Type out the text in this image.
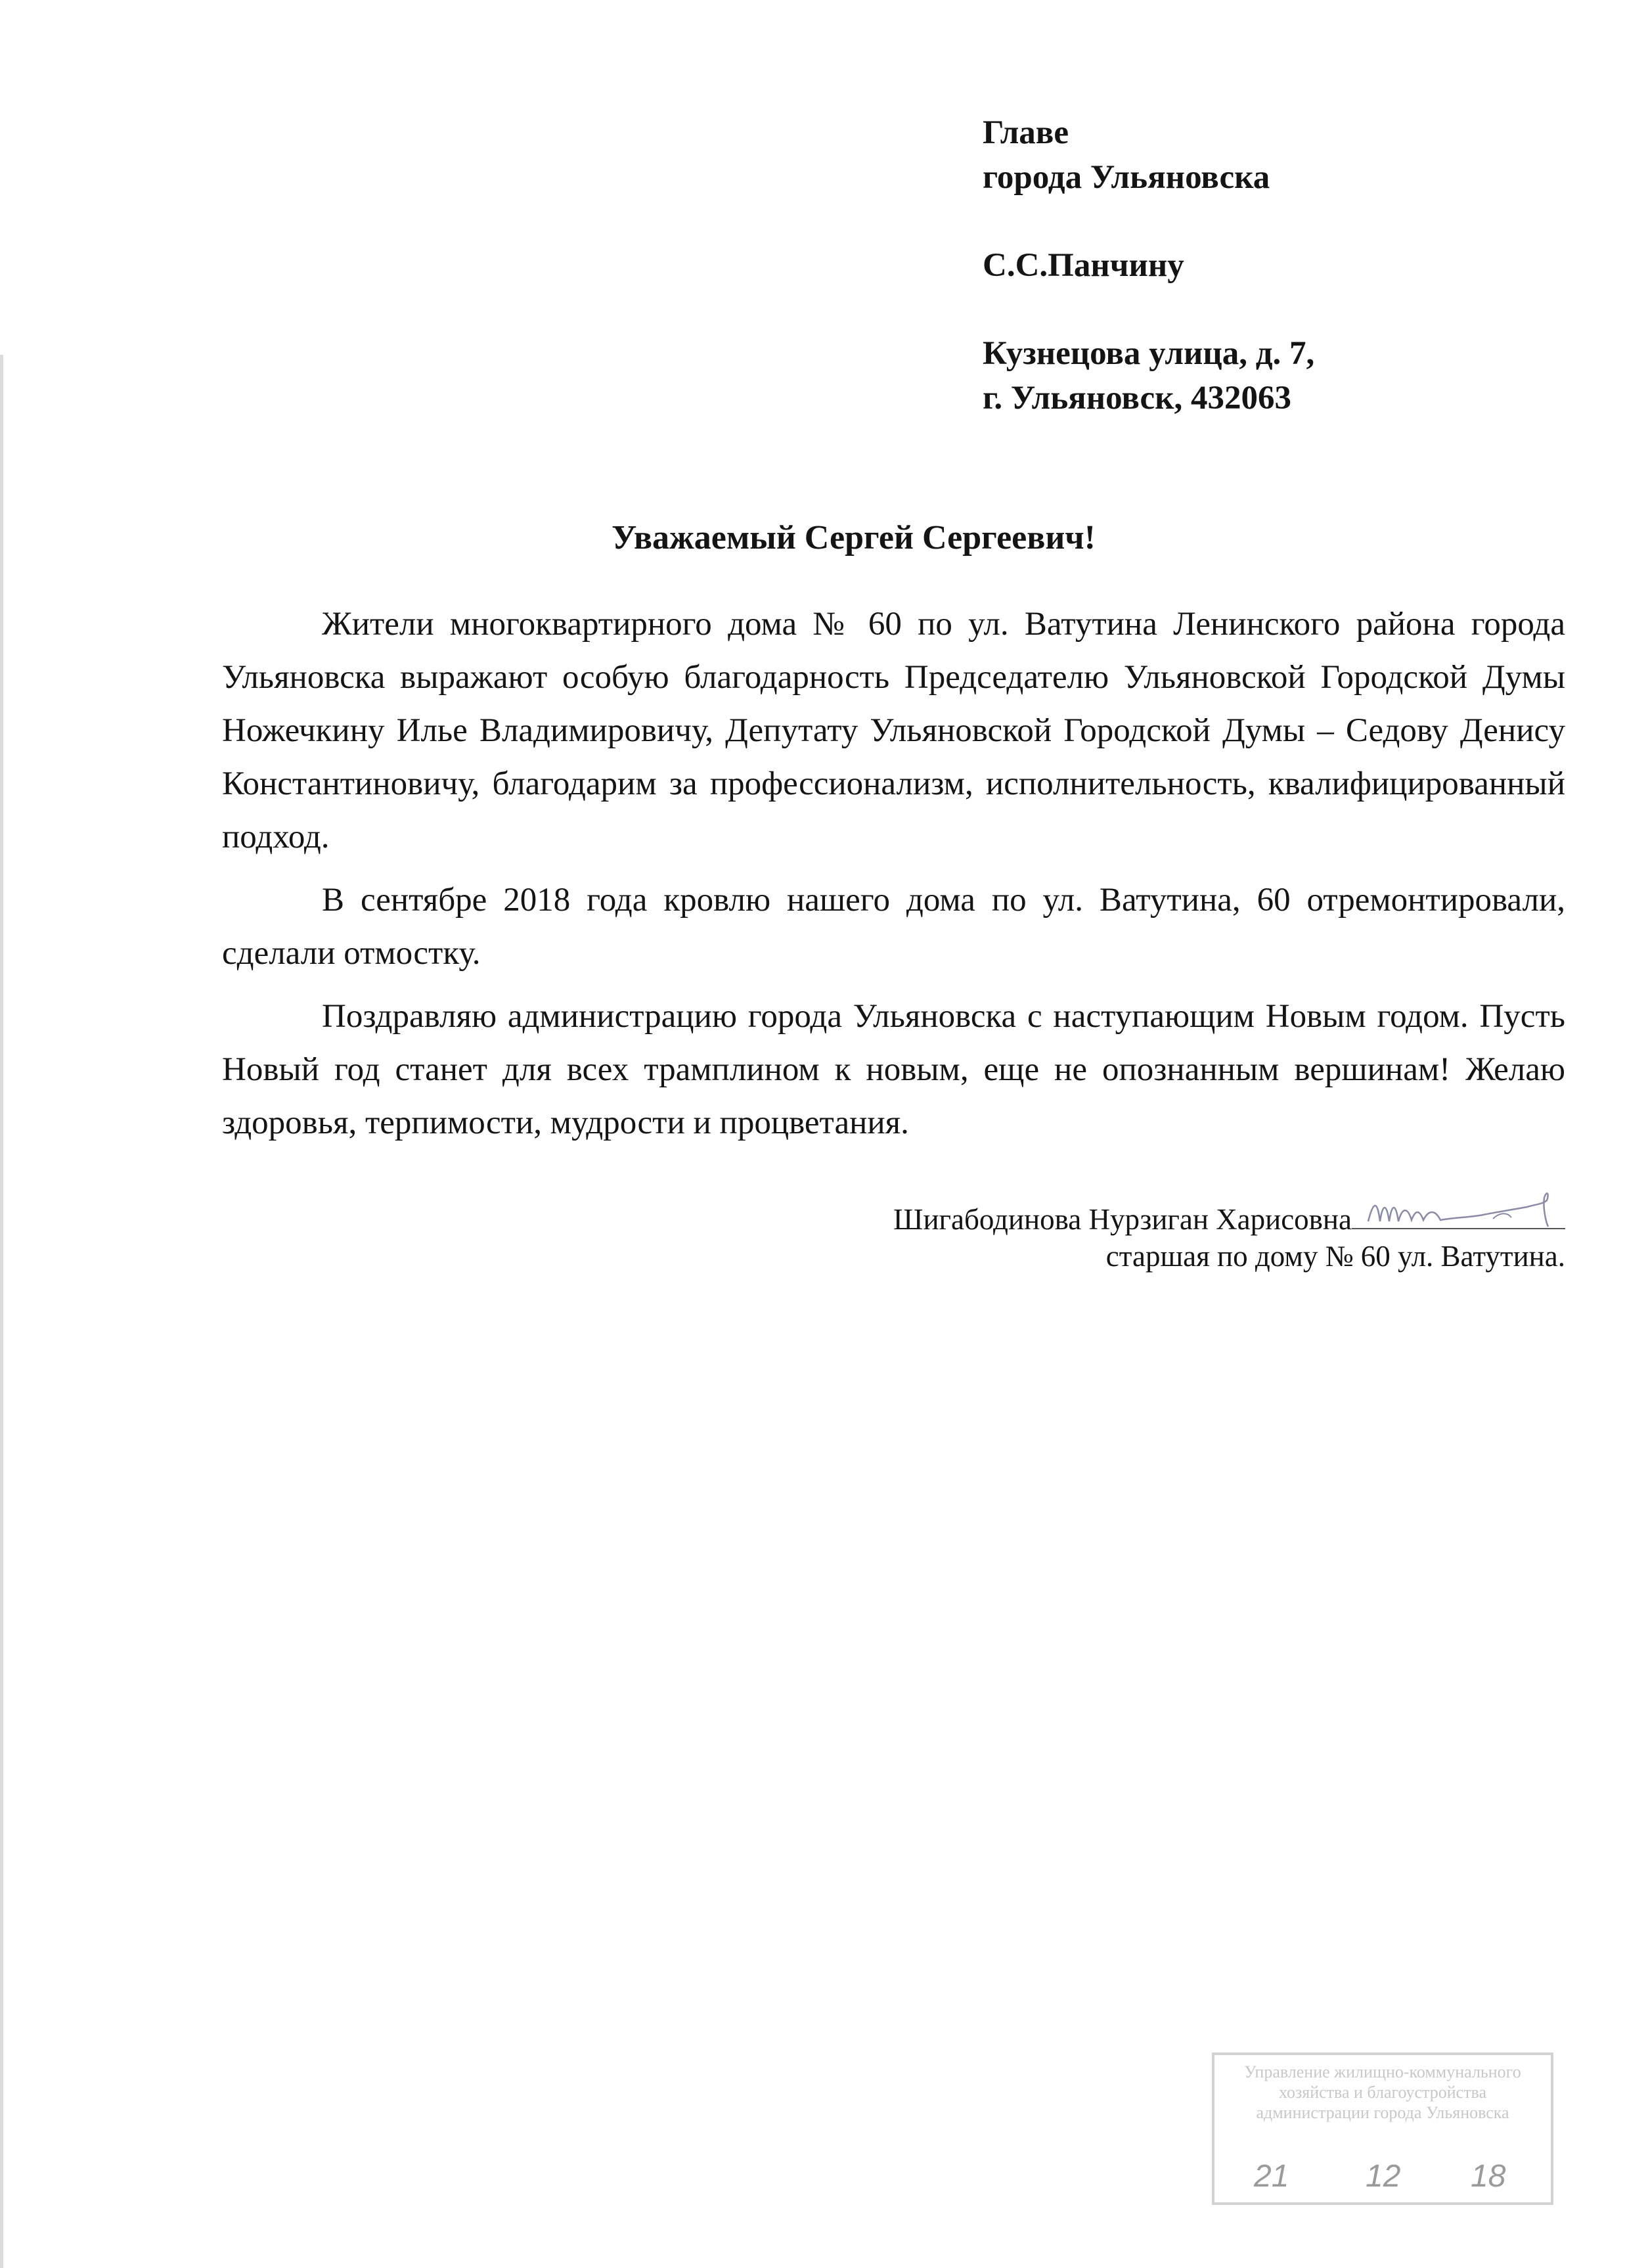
Главе
города Ульяновска
С.С.Панчину
Кузнецова улица, д. 7,
г. Ульяновск, 432063
Уважаемый Сергей Сергеевич!

Жители многоквартирного дома № 60 по ул. Ватутина Ленинского района города Ульяновска выражают особую благодарность Председателю Ульяновской Городской Думы Ножечкину Илье Владимировичу, Депутату Ульяновской Городской Думы – Седову Денису Константиновичу, благодарим за профессионализм, исполнительность, квалифицированный подход.

В сентябре 2018 года кровлю нашего дома по ул. Ватутина, 60 отремонтировали, сделали отмостку.

Поздравляю администрацию города Ульяновска с наступающим Новым годом. Пусть Новый год станет для всех трамплином к новым, еще не опознанным вершинам! Желаю здоровья, терпимости, мудрости и процветания.

Шигабодинова Нурзиган Харисовна
старшая по дому № 60 ул. Ватутина.
Управление жилищно-коммунального хозяйства и благоустройства администрации города Ульяновска
21 12 18
